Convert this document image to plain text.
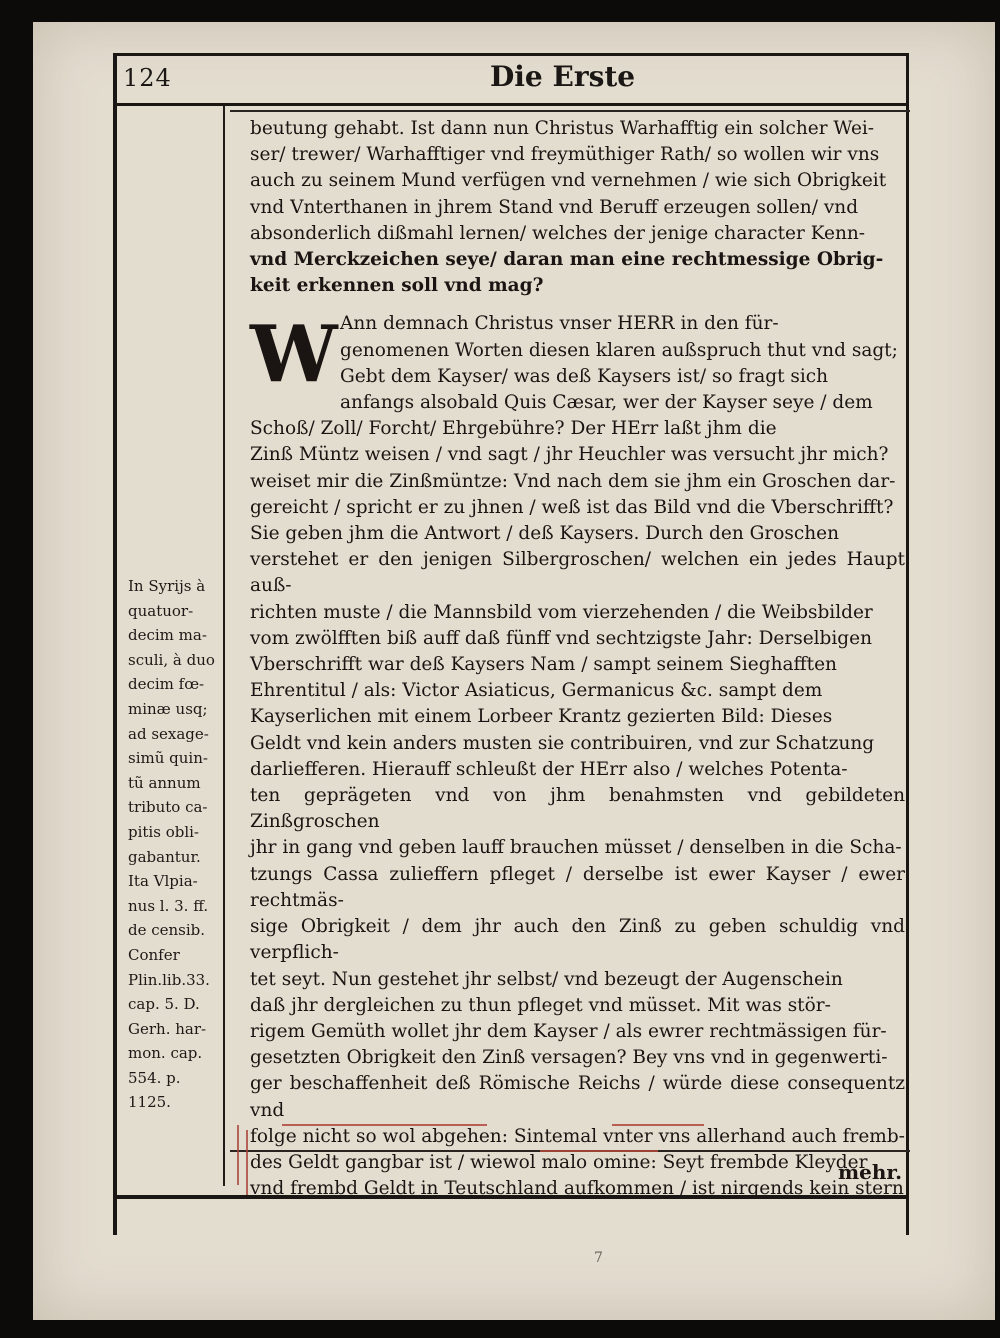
124	Die Erste

beutung gehabt. Ist dann nun Christus Warhafftig ein solcher Wei-

ser/ trewer/ Warhafftiger vnd freymüthiger Rath/ so wollen wir vns

auch zu seinem Mund verfügen vnd vernehmen / wie sich Obrigkeit

vnd Vnterthanen in jhrem Stand vnd Beruff erzeugen sollen/ vnd

absonderlich dißmahl lernen/ welches der jenige character Kenn-

vnd Merckzeichen seye/ daran man eine rechtmessige Obrig-

keit erkennen soll vnd mag?

W Ann demnach Christus vnser HERR in den für-

genomenen Worten diesen klaren außspruch thut vnd sagt;

Gebt dem Kayser/ was deß Kaysers ist/ so fragt sich

anfangs alsobald Quis Cæsar, wer der Kayser seye / dem

Schoß/ Zoll/ Forcht/ Ehrgebühre? Der HErr laßt jhm die

Zinß Müntz weisen / vnd sagt / jhr Heuchler was versucht jhr mich?

weiset mir die Zinßmüntze: Vnd nach dem sie jhm ein Groschen dar-

gereicht / spricht er zu jhnen / weß ist das Bild vnd die Vberschrifft?

Sie geben jhm die Antwort / deß Kaysers. Durch den Groschen

verstehet er den jenigen Silbergroschen/ welchen ein jedes Haupt auß-

richten muste / die Mannsbild vom vierzehenden / die Weibsbilder

vom zwölfften biß auff daß fünff vnd sechtzigste Jahr: Derselbigen

Vberschrifft war deß Kaysers Nam / sampt seinem Sieghafften

Ehrentitul / als: Victor Asiaticus, Germanicus &c. sampt dem

Kayserlichen mit einem Lorbeer Krantz gezierten Bild: Dieses

Geldt vnd kein anders musten sie contribuiren, vnd zur Schatzung

darliefferen. Hierauff schleußt der HErr also / welches Potenta-

ten geprägeten vnd von jhm benahmsten vnd gebildeten Zinßgroschen

jhr in gang vnd geben lauff brauchen müsset / denselben in die Scha-

tzungs Cassa zulieffern pfleget / derselbe ist ewer Kayser / ewer rechtmäs-

sige Obrigkeit / dem jhr auch den Zinß zu geben schuldig vnd verpflich-

tet seyt. Nun gestehet jhr selbst/ vnd bezeugt der Augenschein

daß jhr dergleichen zu thun pfleget vnd müsset. Mit was stör-

rigem Gemüth wollet jhr dem Kayser / als ewrer rechtmässigen für-

gesetzten Obrigkeit den Zinß versagen? Bey vns vnd in gegenwerti-

ger beschaffenheit deß Römische Reichs / würde diese consequentz vnd

folge nicht so wol abgehen: Sintemal vnter vns allerhand auch fremb-

des Geldt gangbar ist / wiewol malo omine: Seyt frembde Kleyder

vnd frembd Geldt in Teutschland aufkommen / ist nirgends kein stern

In Syrijs à
quatuor-
decim ma-
sculi, à duo
decim fœ-
minæ usq;
ad sexage-
simũ quin-
tũ annum
tributo ca-
pitis obli-
gabantur.
Ita Vlpia-
nus l. 3. ff.
de censib.
Confer
Plin.lib.33.
cap. 5. D.
Gerh. har-
mon. cap.
554. p. 1125.
mehr.
7
